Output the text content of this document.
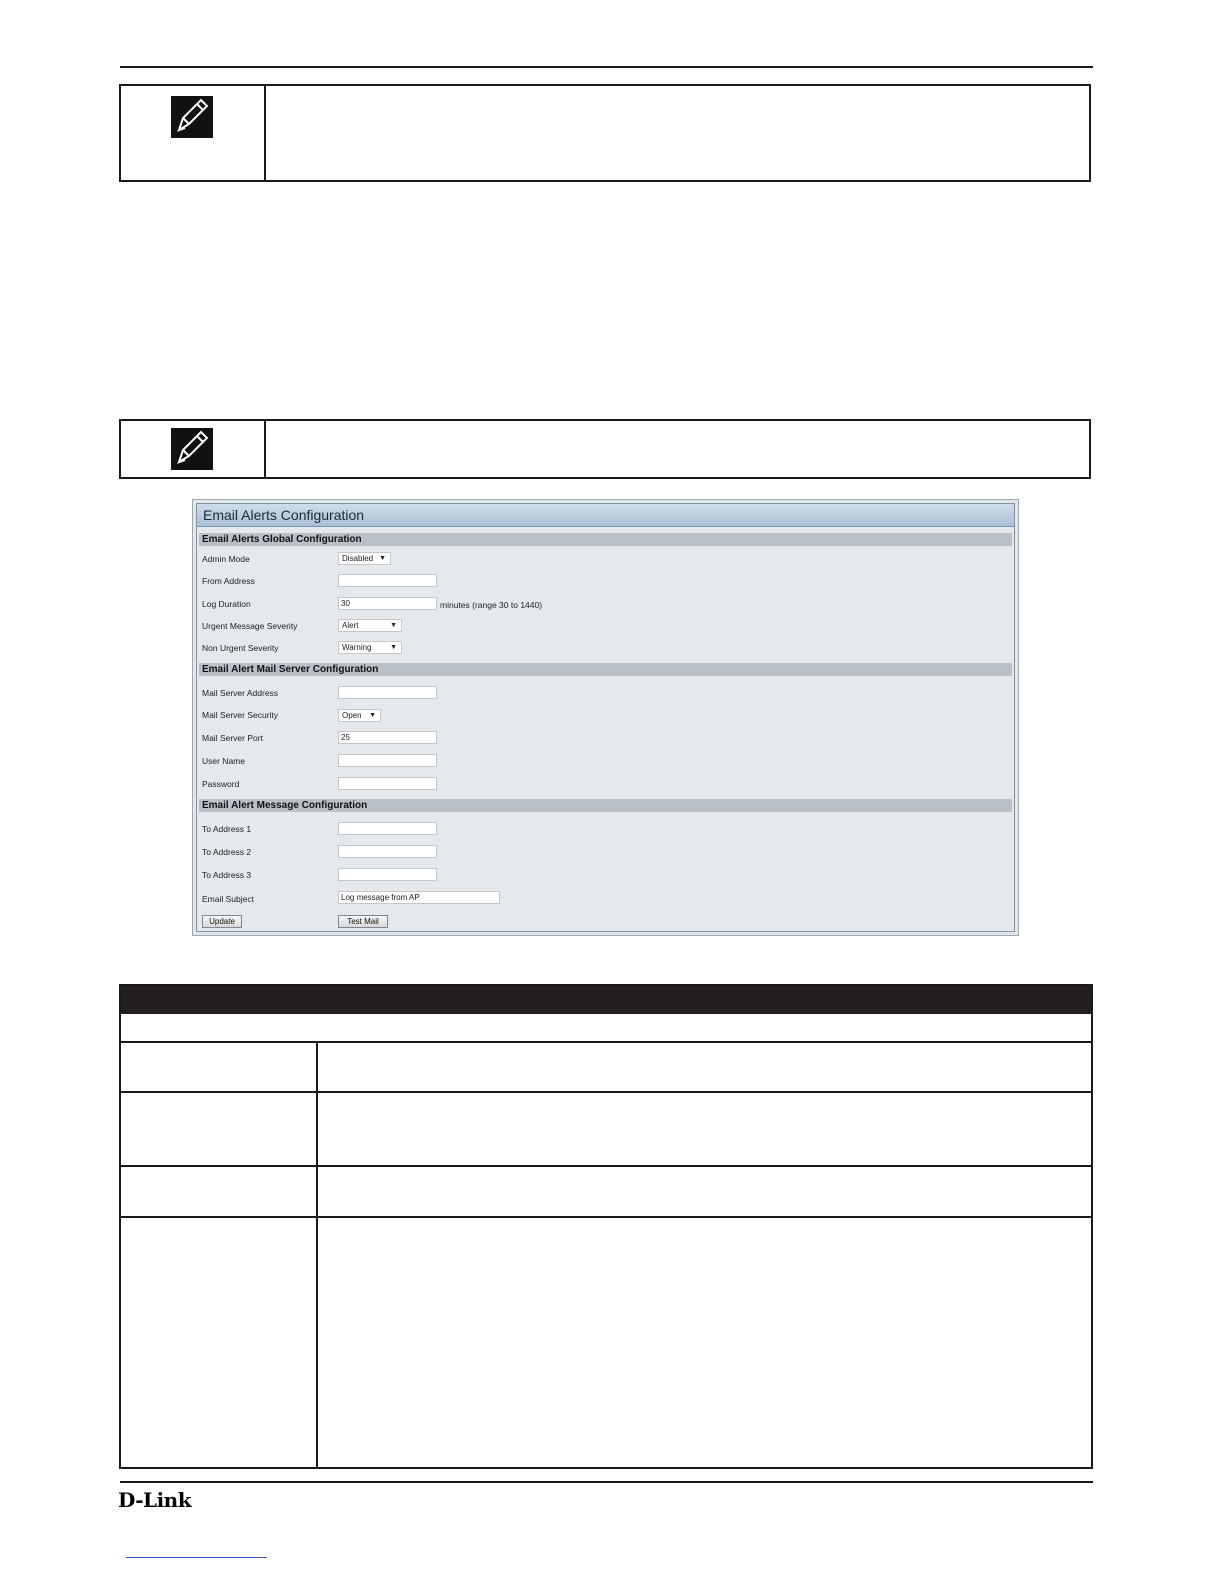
Email Alerts Configuration
Email Alerts Global Configuration
Admin Mode	Disabled ▼
From Address
Log Duration	30	minutes (range 30 to 1440)
Urgent Message Severity	Alert	▼
Non Urgent Severity	Warning	▼
Email Alert Mail Server Configuration
Mail Server Address
Mail Server Security	Open ▼
Mail Server Port	25
User Name
Password
Email Alert Message Configuration
To Address 1
To Address 2
To Address 3
Email Subject	Log message from AP
Update	Test Mail
D-Link
